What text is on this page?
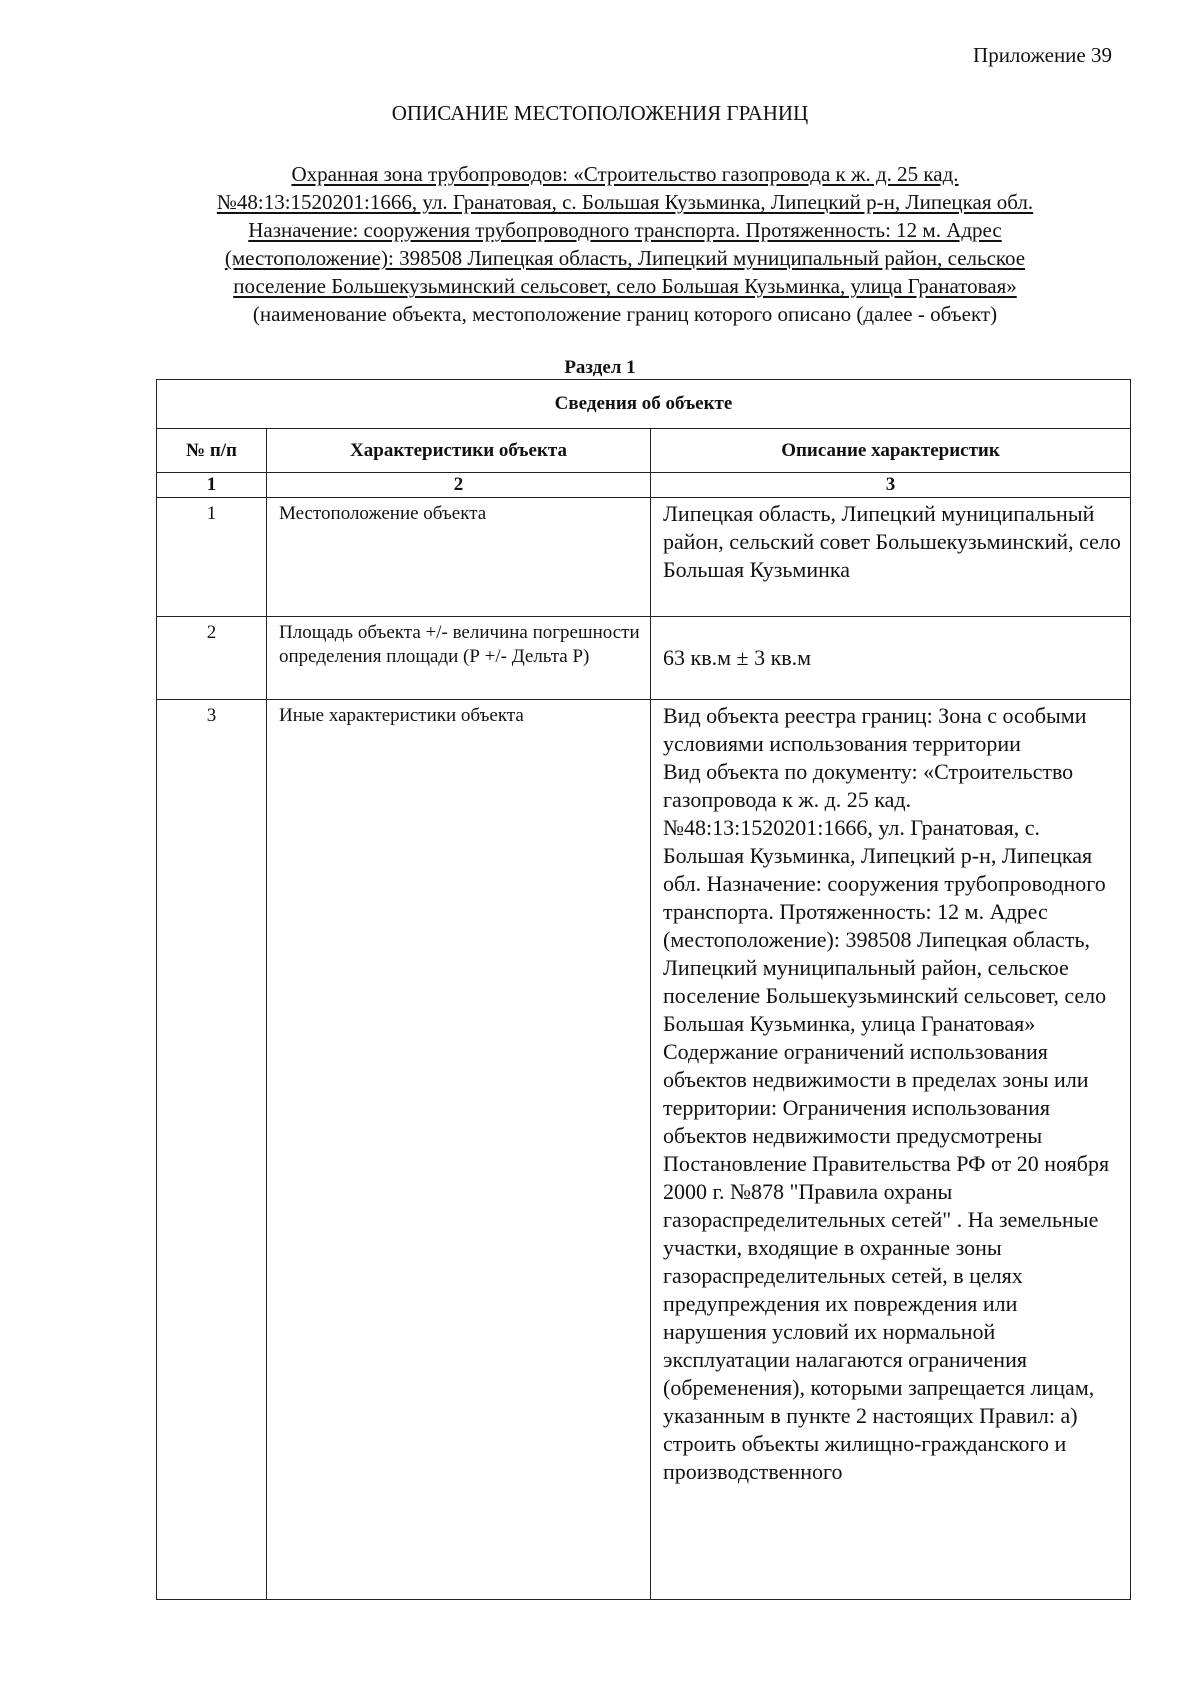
Приложение 39
ОПИСАНИЕ МЕСТОПОЛОЖЕНИЯ ГРАНИЦ
Охранная зона трубопроводов: «Строительство газопровода к ж. д. 25 кад.
№48:13:1520201:1666, ул. Гранатовая, с. Большая Кузьминка, Липецкий р-н, Липецкая обл.
Назначение: сооружения трубопроводного транспорта. Протяженность: 12 м. Адрес
(местоположение): 398508 Липецкая область, Липецкий муниципальный район, сельское
поселение Большекузьминский сельсовет, село Большая Кузьминка, улица Гранатовая»
(наименование объекта, местоположение границ которого описано (далее - объект)
Раздел 1
Сведения об объекте		
№ п/п	Характеристики объекта	Описание характеристик
1	2	3
1	Местоположение объекта	Липецкая область, Липецкий муниципальный район, сельский совет Большекузьминский, село Большая Кузьминка
2	Площадь объекта +/- величина погрешности определения площади (Р +/- Дельта Р)	63 кв.м ± 3 кв.м
3	Иные характеристики объекта	Вид объекта реестра границ: Зона с особыми условиями использования территории
Вид объекта по документу: «Строительство газопровода к ж. д. 25 кад. №48:13:1520201:1666, ул. Гранатовая, с. Большая Кузьминка, Липецкий р-н, Липецкая обл. Назначение: сооружения трубопроводного транспорта. Протяженность: 12 м. Адрес (местоположение): 398508 Липецкая область, Липецкий муниципальный район, сельское поселение Большекузьминский сельсовет, село Большая Кузьминка, улица Гранатовая»
Содержание ограничений использования объектов недвижимости в пределах зоны или территории: Ограничения использования объектов недвижимости предусмотрены Постановление Правительства РФ от 20 ноября 2000 г. №878 "Правила охраны газораспределительных сетей" . На земельные участки, входящие в охранные зоны газораспределительных сетей, в целях предупреждения их повреждения или нарушения условий их нормальной эксплуатации налагаются ограничения (обременения), которыми запрещается лицам, указанным в пункте 2 настоящих Правил: а) строить объекты жилищно-гражданского и производственного
